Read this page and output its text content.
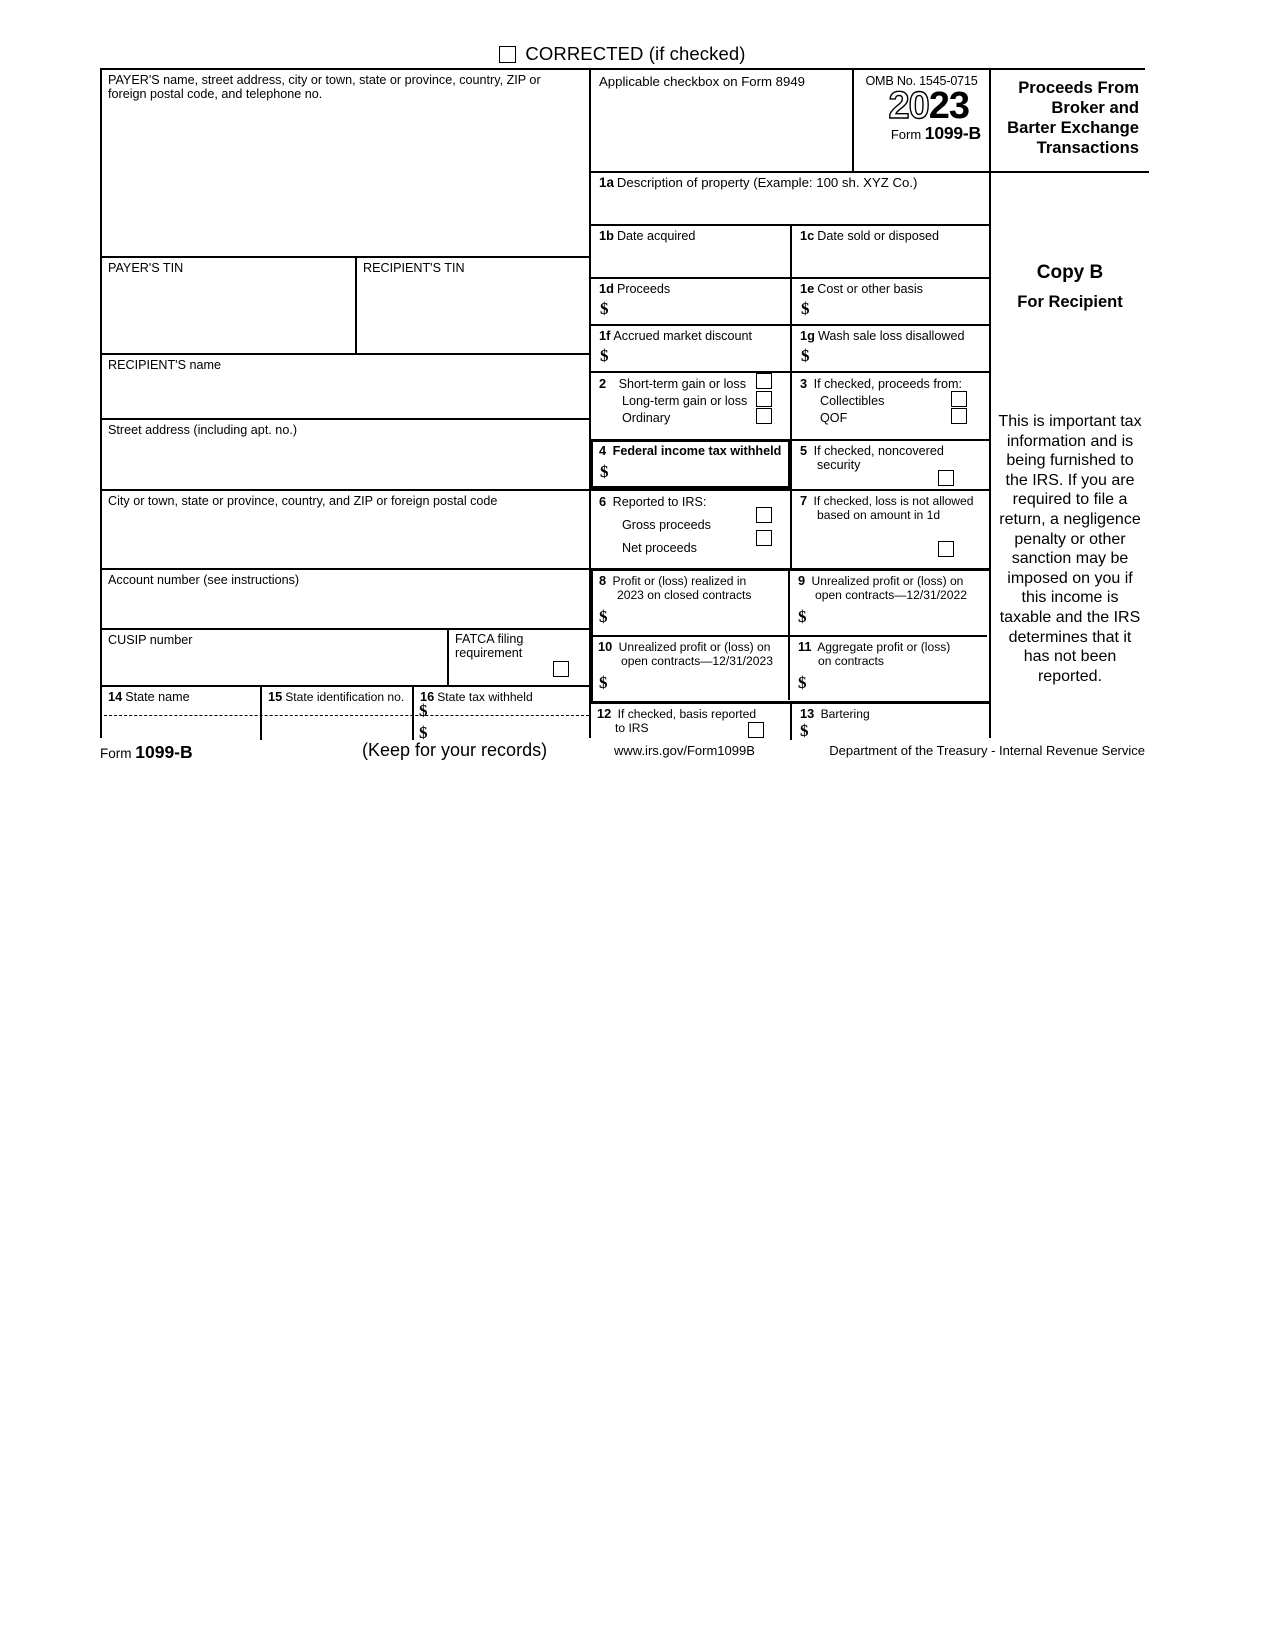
CORRECTED (if checked)
PAYER'S name, street address, city or town, state or province, country, ZIP or foreign postal code, and telephone no.
PAYER'S TIN	RECIPIENT'S TIN
RECIPIENT'S name
Street address (including apt. no.)
City or town, state or province, country, and ZIP or foreign postal code
Account number (see instructions)
CUSIP number	FATCA filing
requirement
14 State name	15 State identification no.	16 State tax withheld
$
$
Applicable checkbox on Form 8949
1a Description of property (Example: 100 sh. XYZ Co.)
1b Date acquired	1c Date sold or disposed
1d Proceeds
$
1e Cost or other basis
$
1f Accrued market discount
$
1g Wash sale loss disallowed
$
2 Short-term gain or loss
Long-term gain or loss
Ordinary
3 If checked, proceeds from:
Collectibles
QOF
4 Federal income tax withheld
$
5 If checked, noncovered
security
6 Reported to IRS:
Gross proceeds
Net proceeds
7 If checked, loss is not allowed
based on amount in 1d
8 Profit or (loss) realized in
2023 on closed contracts
$
9 Unrealized profit or (loss) on
open contracts—12/31/2022
$
10 Unrealized profit or (loss) on
open contracts—12/31/2023
$
11 Aggregate profit or (loss)
on contracts
$
12 If checked, basis reported
to IRS
13 Bartering
$
Proceeds From
Broker and
Barter Exchange
Transactions
Copy B
For Recipient
This is important tax information and is being furnished to the IRS. If you are required to file a return, a negligence penalty or other sanction may be imposed on you if this income is taxable and the IRS determines that it has not been reported.
OMB No. 1545-0715
2023
Form 1099-B
Form 1099-B	(Keep for your records)	www.irs.gov/Form1099B	Department of the Treasury - Internal Revenue Service
